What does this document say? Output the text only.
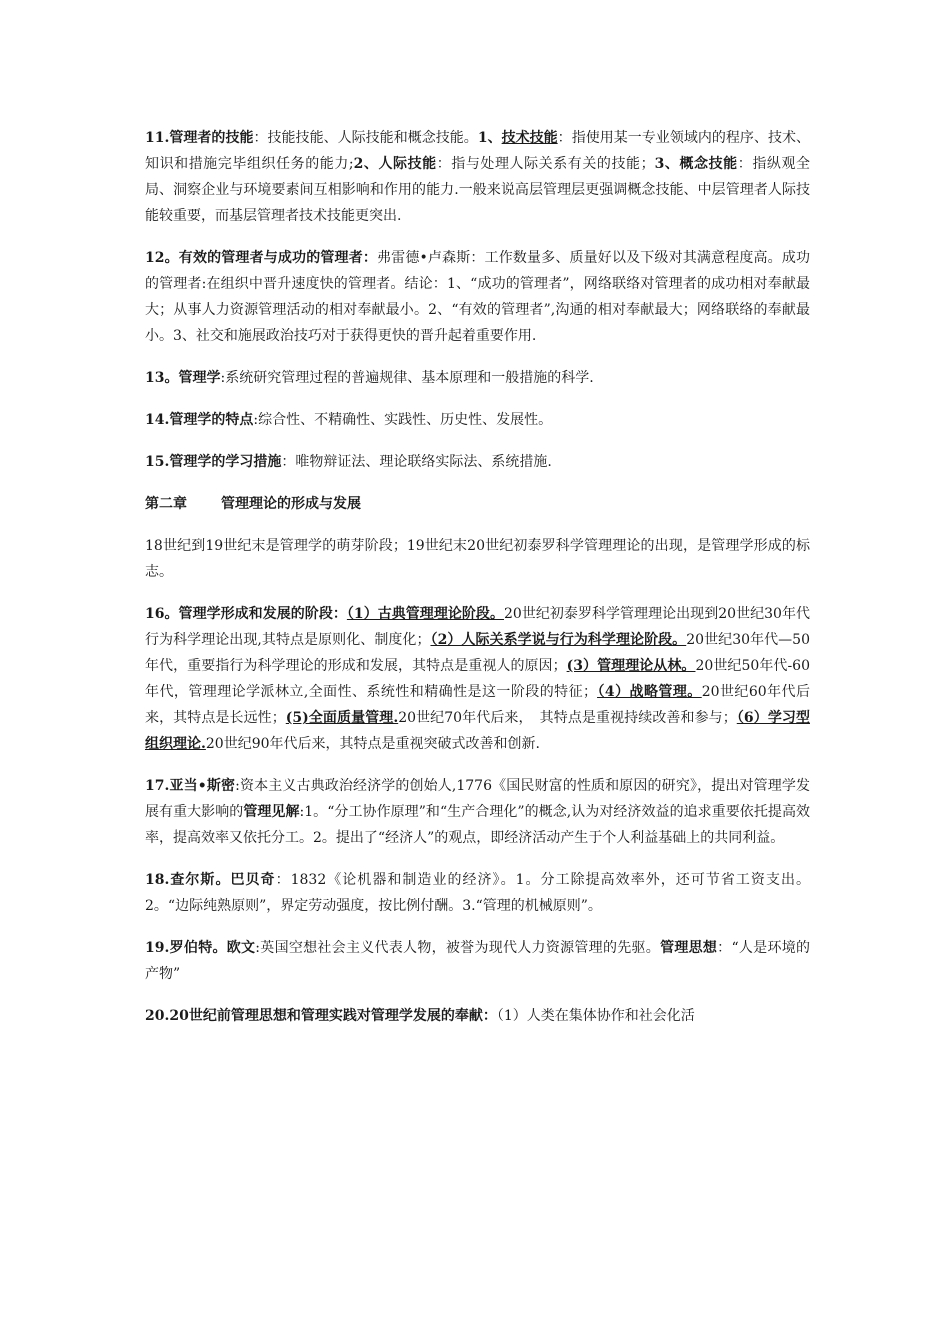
11.管理者的技能：技能技能、人际技能和概念技能。1、技术技能：指使用某一专业领域内的程序、技术、知识和措施完毕组织任务的能力;2、人际技能：指与处理人际关系有关的技能；3、概念技能：指纵观全局、洞察企业与环境要素间互相影响和作用的能力.一般来说高层管理层更强调概念技能、中层管理者人际技能较重要，而基层管理者技术技能更突出.

12。有效的管理者与成功的管理者：弗雷德•卢森斯：工作数量多、质量好以及下级对其满意程度高。成功的管理者:在组织中晋升速度快的管理者。结论：1、“成功的管理者”，网络联络对管理者的成功相对奉献最大；从事人力资源管理活动的相对奉献最小。2、“有效的管理者”,沟通的相对奉献最大；网络联络的奉献最小。3、社交和施展政治技巧对于获得更快的晋升起着重要作用.

13。管理学:系统研究管理过程的普遍规律、基本原理和一般措施的科学.

14.管理学的特点:综合性、不精确性、实践性、历史性、发展性。

15.管理学的学习措施：唯物辩证法、理论联络实际法、系统措施.

第二章 管理理论的形成与发展

18世纪到19世纪末是管理学的萌芽阶段；19世纪末20世纪初泰罗科学管理理论的出现，是管理学形成的标志。

16。管理学形成和发展的阶段：（1）古典管理理论阶段。20世纪初泰罗科学管理理论出现到20世纪30年代行为科学理论出现,其特点是原则化、制度化；（2）人际关系学说与行为科学理论阶段。20世纪30年代—50年代，重要指行为科学理论的形成和发展，其特点是重视人的原因；(3）管理理论从林。20世纪50年代-60年代，管理理论学派林立,全面性、系统性和精确性是这一阶段的特征；（4）战略管理。20世纪60年代后来，其特点是长远性；(5)全面质量管理.20世纪70年代后来，　其特点是重视持续改善和参与；（6）学习型组织理论.20世纪90年代后来，其特点是重视突破式改善和创新.

17.亚当•斯密:资本主义古典政治经济学的创始人,1776《国民财富的性质和原因的研究》，提出对管理学发展有重大影响的管理见解:1。“分工协作原理”和“生产合理化”的概念,认为对经济效益的追求重要依托提高效率，提高效率又依托分工。2。提出了“经济人”的观点，即经济活动产生于个人利益基础上的共同利益。

18.查尔斯。巴贝奇：1832《论机器和制造业的经济》。1。分工除提高效率外，还可节省工资支出。2。“边际纯熟原则”，界定劳动强度，按比例付酬。3.“管理的机械原则”。

19.罗伯特。欧文:英国空想社会主义代表人物，被誉为现代人力资源管理的先驱。管理思想：“人是环境的产物”

20.20世纪前管理思想和管理实践对管理学发展的奉献：（1）人类在集体协作和社会化活
